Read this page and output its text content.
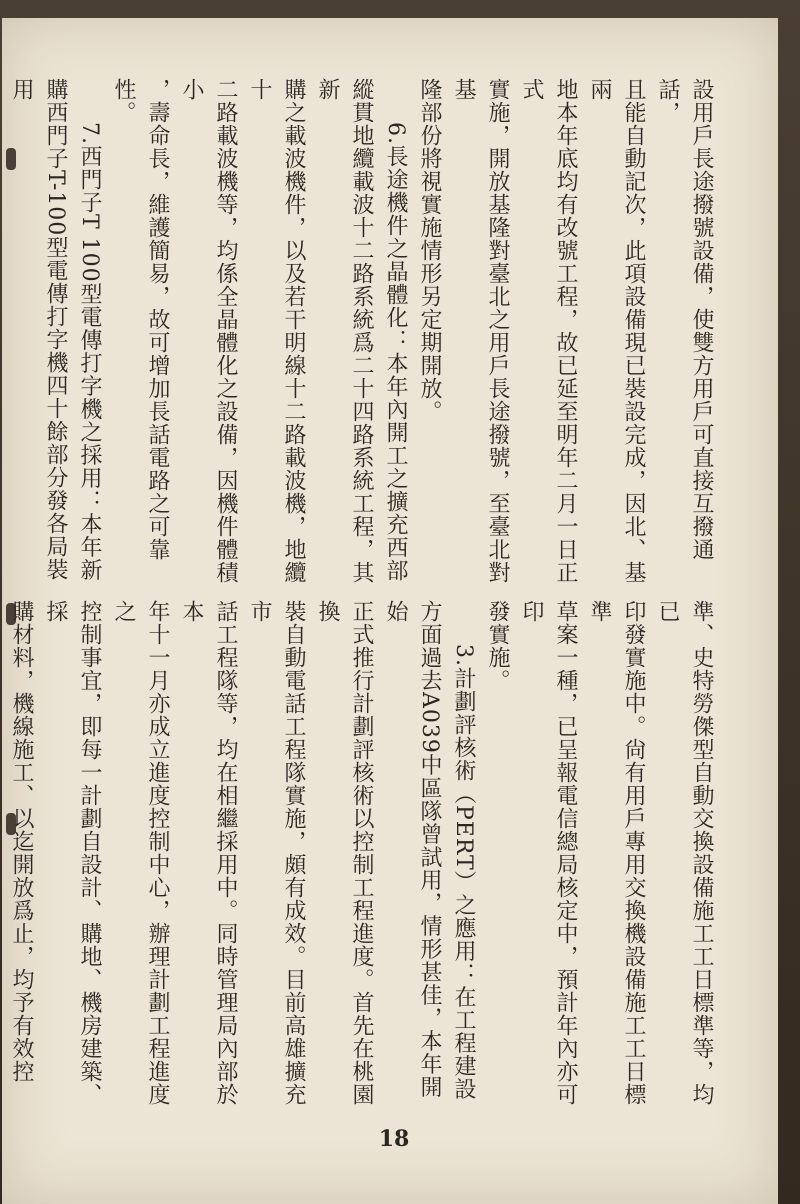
設用戶長途撥號設備，使雙方用戶可直接互撥通話，

且能自動記次，此項設備現已裝設完成，因北、基兩

地本年底均有改號工程，故已延至明年二月一日正式

實施，開放基隆對臺北之用戶長途撥號，至臺北對基

隆部份將視實施情形另定期開放。

6.長途機件之晶體化：本年內開工之擴充西部

縱貫地纜載波十二路系統爲二十四路系統工程，其新

購之載波機件，以及若干明線十二路載波機，地纜十

二路載波機等，均係全晶體化之設備，因機件體積小

，壽命長，維護簡易，故可增加長話電路之可靠性。

7.西門子T 100型電傳打字機之採用：本年新

購西門子T-100型電傳打字機四十餘部分發各局裝用

準、史特勞傑型自動交換設備施工工日標準等，均已

印發實施中。尙有用戶專用交換機設備施工工日標準

草案一種，已呈報電信總局核定中，預計年內亦可印

發實施。

3.計劃評核術（PERT）之應用：在工程建設

方面過去A039中區隊曾試用，情形甚佳，本年開始

正式推行計劃評核術以控制工程進度。首先在桃園換

裝自動電話工程隊實施，頗有成效。目前高雄擴充市

話工程隊等，均在相繼採用中。同時管理局內部於本

年十一月亦成立進度控制中心，辦理計劃工程進度之

控制事宜，即每一計劃自設計、購地、機房建築、採

購材料，機線施工、以迄開放爲止，均予有效控

18
